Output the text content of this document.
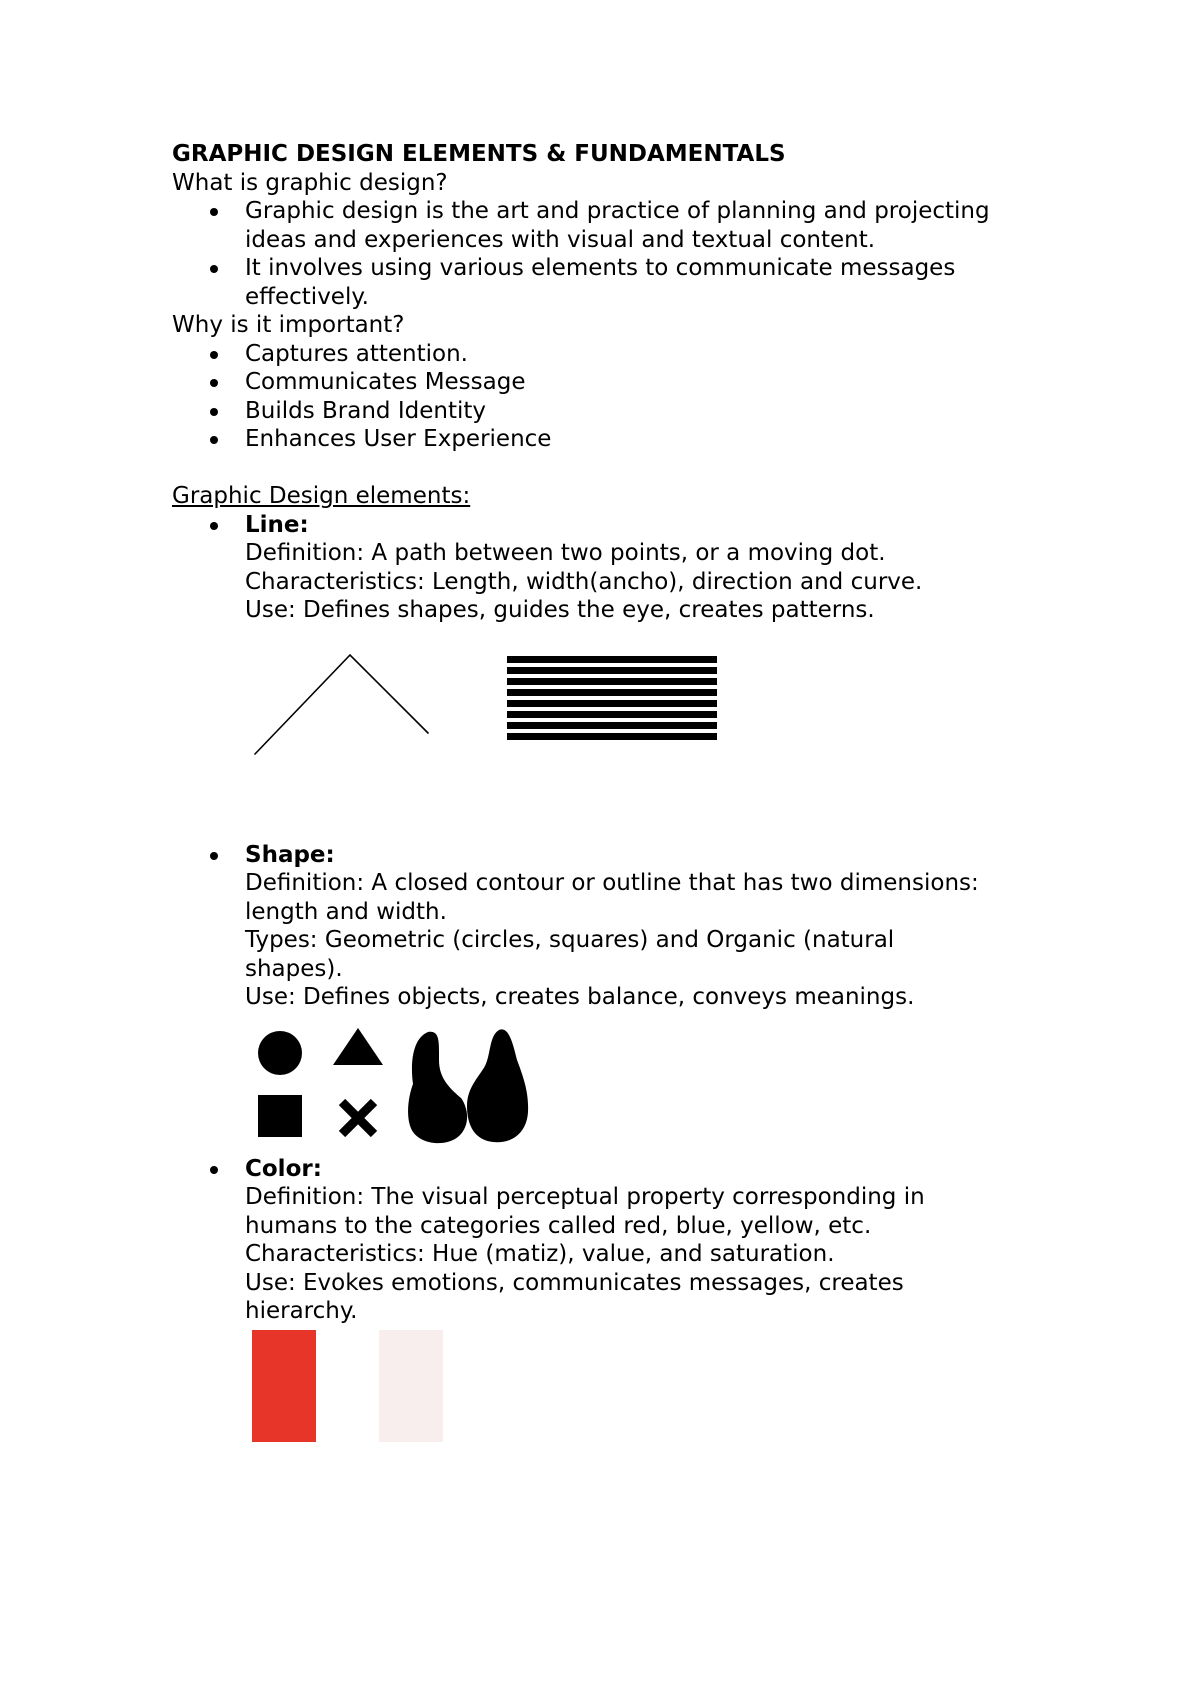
GRAPHIC DESIGN ELEMENTS & FUNDAMENTALS

What is graphic design?

Graphic design is the art and practice of planning and projecting
ideas and experiences with visual and textual content.
It involves using various elements to communicate messages
effectively.

Why is it important?

Captures attention.
Communicates Message
Builds Brand Identity
Enhances User Experience

Graphic Design elements:

Line:
Definition: A path between two points, or a moving dot.
Characteristics: Length, width(ancho), direction and curve.
Use: Defines shapes, guides the eye, creates patterns.
Shape:
Definition: A closed contour or outline that has two dimensions:
length and width.
Types: Geometric (circles, squares) and Organic (natural
shapes).
Use: Defines objects, creates balance, conveys meanings.
Color:
Definition: The visual perceptual property corresponding in
humans to the categories called red, blue, yellow, etc.
Characteristics: Hue (matiz), value, and saturation.
Use: Evokes emotions, communicates messages, creates
hierarchy.
